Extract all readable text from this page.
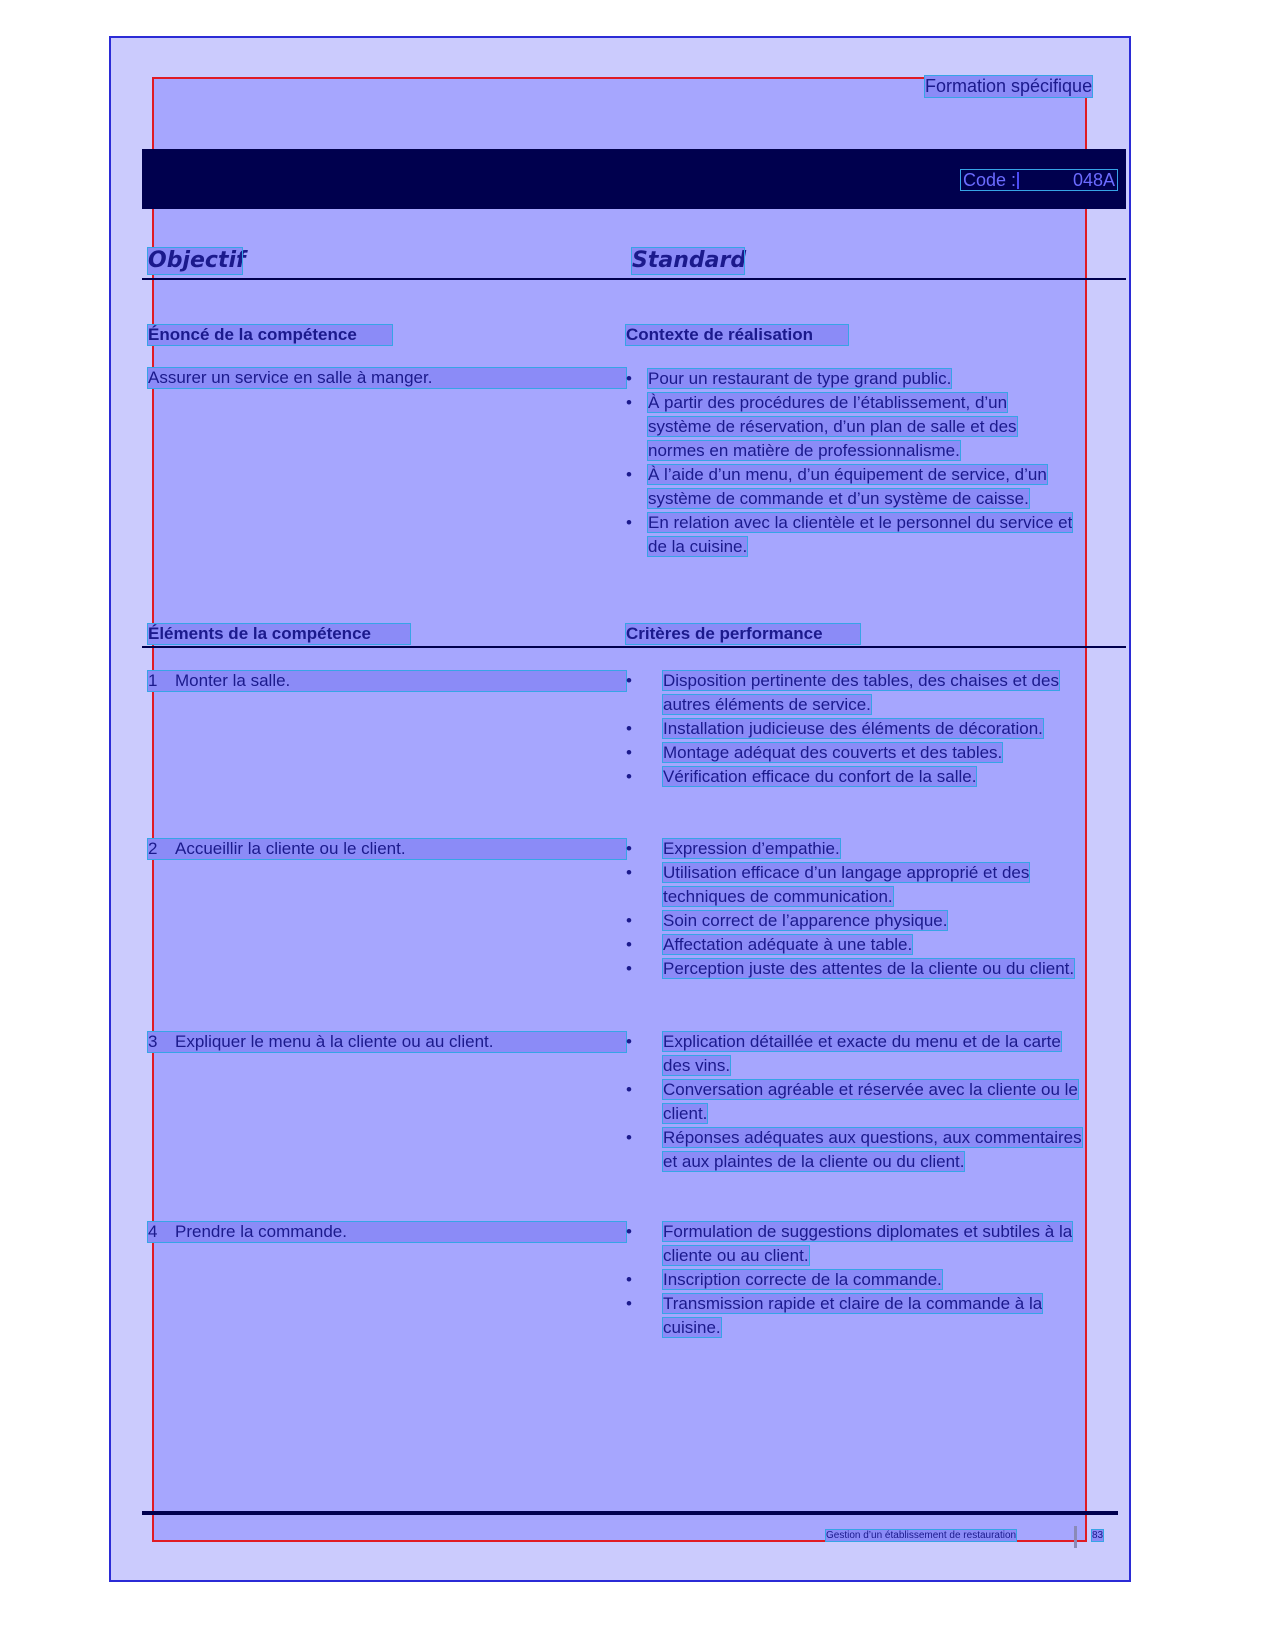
Formation spécifique
Code :	048A
Objectif	Standard
Énoncé de la compétence	Contexte de réalisation
Assurer un service en salle à manger.	• Pour un restaurant de type grand public.
• À partir des procédures de l’établissement, d’un système de réservation, d’un plan de salle et des normes en matière de professionnalisme.
• À l’aide d’un menu, d’un équipement de service, d’un système de commande et d’un système de caisse.
• En relation avec la clientèle et le personnel du service et de la cuisine.
Éléments de la compétence	Critères de performance
1 Monter la salle.	• Disposition pertinente des tables, des chaises et des autres éléments de service.
• Installation judicieuse des éléments de décoration.
• Montage adéquat des couverts et des tables.
• Vérification efficace du confort de la salle.
2 Accueillir la cliente ou le client.	• Expression d’empathie.
• Utilisation efficace d’un langage approprié et des techniques de communication.
• Soin correct de l’apparence physique.
• Affectation adéquate à une table.
• Perception juste des attentes de la cliente ou du client.
3 Expliquer le menu à la cliente ou au client.	• Explication détaillée et exacte du menu et de la carte des vins.
• Conversation agréable et réservée avec la cliente ou le client.
• Réponses adéquates aux questions, aux commentaires et aux plaintes de la cliente ou du client.
4 Prendre la commande.	• Formulation de suggestions diplomates et subtiles à la cliente ou au client.
• Inscription correcte de la commande.
• Transmission rapide et claire de la commande à la cuisine.
Gestion d’un établissement de restauration	83
